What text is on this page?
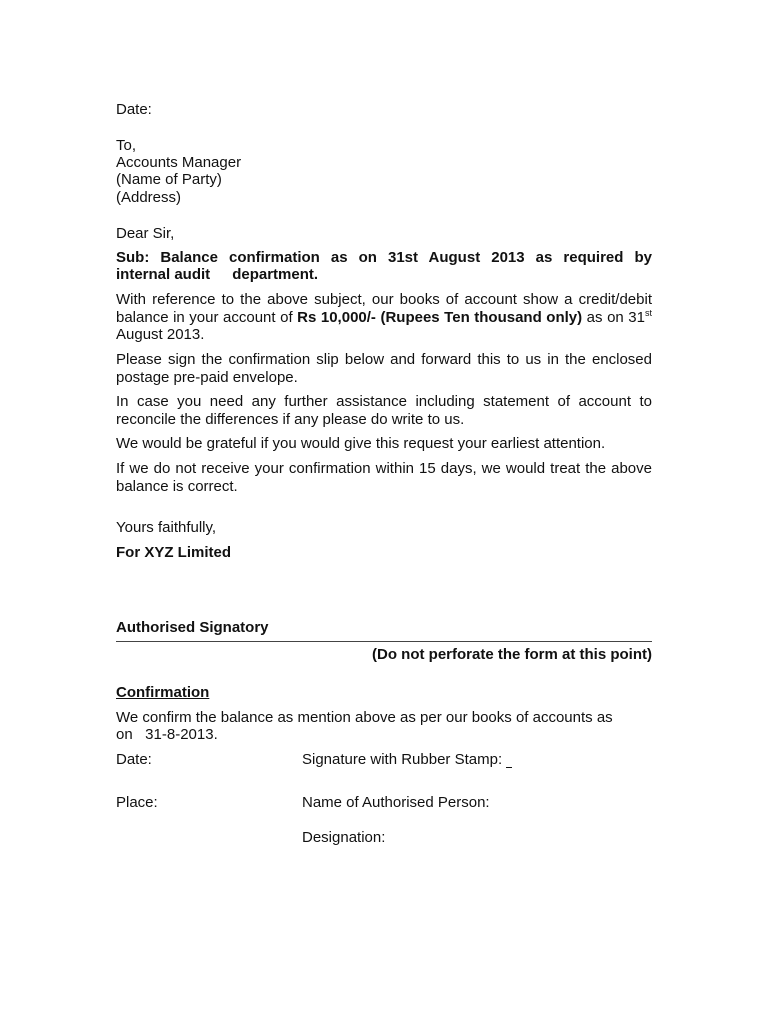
Date:
To,
Accounts Manager
(Name of Party)
(Address)
Dear Sir,
Sub: Balance confirmation as on 31st August 2013 as required by
internal audit department.
With reference to the above subject, our books of account show a credit/debit balance in your account of Rs 10,000/- (Rupees Ten thousand only) as on 31st August 2013.
Please sign the confirmation slip below and forward this to us in the enclosed postage pre-paid envelope.
In case you need any further assistance including statement of account to reconcile the differences if any please do write to us.
We would be grateful if you would give this request your earliest attention.
If we do not receive your confirmation within 15 days, we would treat the above balance is correct.
Yours faithfully,
For XYZ Limited
Authorised Signatory
(Do not perforate the form at this point)
Confirmation
We confirm the balance as mention above as per our books of accounts as
on   31-8-2013.
Date:	Signature with Rubber Stamp:
Place:	Name of Authorised Person:
Designation:
